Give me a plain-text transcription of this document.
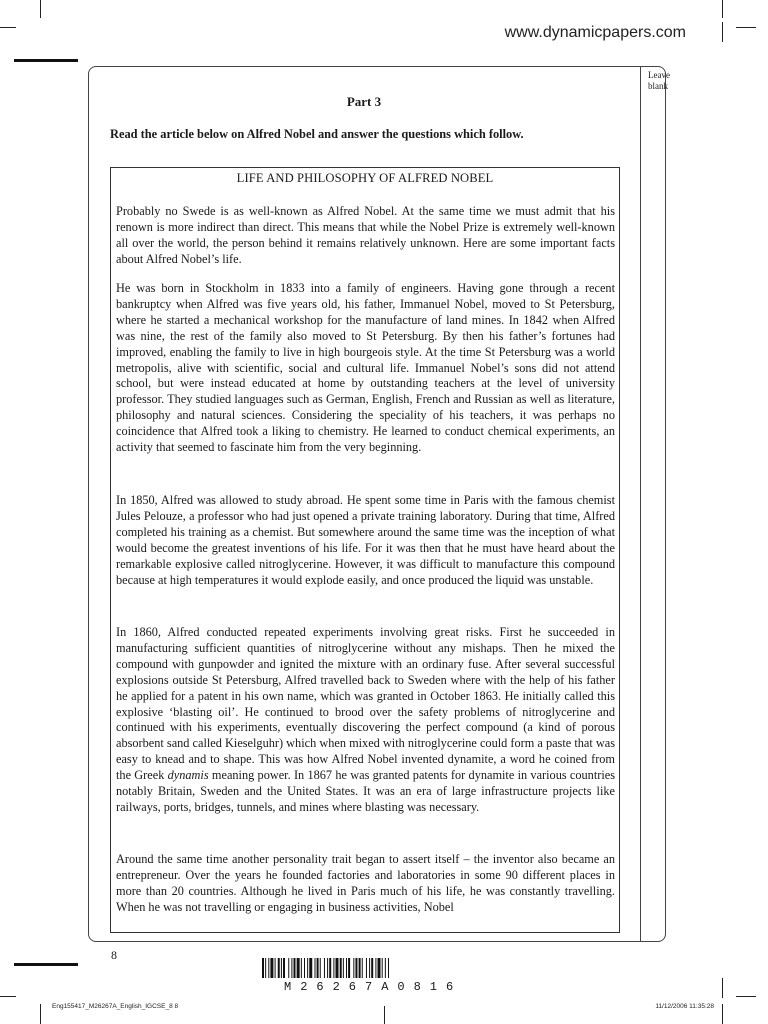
www.dynamicpapers.com
Leave blank
Part 3
Read the article below on Alfred Nobel and answer the questions which follow.
LIFE AND PHILOSOPHY OF ALFRED NOBEL

Probably no Swede is as well-known as Alfred Nobel. At the same time we must admit that his renown is more indirect than direct. This means that while the Nobel Prize is extremely well-known all over the world, the person behind it remains relatively unknown. Here are some important facts about Alfred Nobel’s life.

He was born in Stockholm in 1833 into a family of engineers. Having gone through a recent bankruptcy when Alfred was five years old, his father, Immanuel Nobel, moved to St Petersburg, where he started a mechanical workshop for the manufacture of land mines. In 1842 when Alfred was nine, the rest of the family also moved to St Petersburg. By then his father’s fortunes had improved, enabling the family to live in high bourgeois style. At the time St Petersburg was a world metropolis, alive with scientific, social and cultural life. Immanuel Nobel’s sons did not attend school, but were instead educated at home by outstanding teachers at the level of university professor. They studied languages such as German, English, French and Russian as well as literature, philosophy and natural sciences. Considering the speciality of his teachers, it was perhaps no coincidence that Alfred took a liking to chemistry. He learned to conduct chemical experiments, an activity that seemed to fascinate him from the very beginning.

In 1850, Alfred was allowed to study abroad. He spent some time in Paris with the famous chemist Jules Pelouze, a professor who had just opened a private training laboratory. During that time, Alfred completed his training as a chemist. But somewhere around the same time was the inception of what would become the greatest inventions of his life. For it was then that he must have heard about the remarkable explosive called nitroglycerine. However, it was difficult to manufacture this compound because at high temperatures it would explode easily, and once produced the liquid was unstable.

In 1860, Alfred conducted repeated experiments involving great risks. First he succeeded in manufacturing sufficient quantities of nitroglycerine without any mishaps. Then he mixed the compound with gunpowder and ignited the mixture with an ordinary fuse. After several successful explosions outside St Petersburg, Alfred travelled back to Sweden where with the help of his father he applied for a patent in his own name, which was granted in October 1863. He initially called this explosive ‘blasting oil’. He continued to brood over the safety problems of nitroglycerine and continued with his experiments, eventually discovering the perfect compound (a kind of porous absorbent sand called Kieselguhr) which when mixed with nitroglycerine could form a paste that was easy to knead and to shape. This was how Alfred Nobel invented dynamite, a word he coined from the Greek dynamis meaning power. In 1867 he was granted patents for dynamite in various countries notably Britain, Sweden and the United States. It was an era of large infrastructure projects like railways, ports, bridges, tunnels, and mines where blasting was necessary.

Around the same time another personality trait began to assert itself – the inventor also became an entrepreneur. Over the years he founded factories and laboratories in some 90 different places in more than 20 countries. Although he lived in Paris much of his life, he was constantly travelling. When he was not travelling or engaging in business activities, Nobel

8
M26267A0816
Eng155417_M26267A_English_IGCSE_8 8	11/12/2006 11:35:28
